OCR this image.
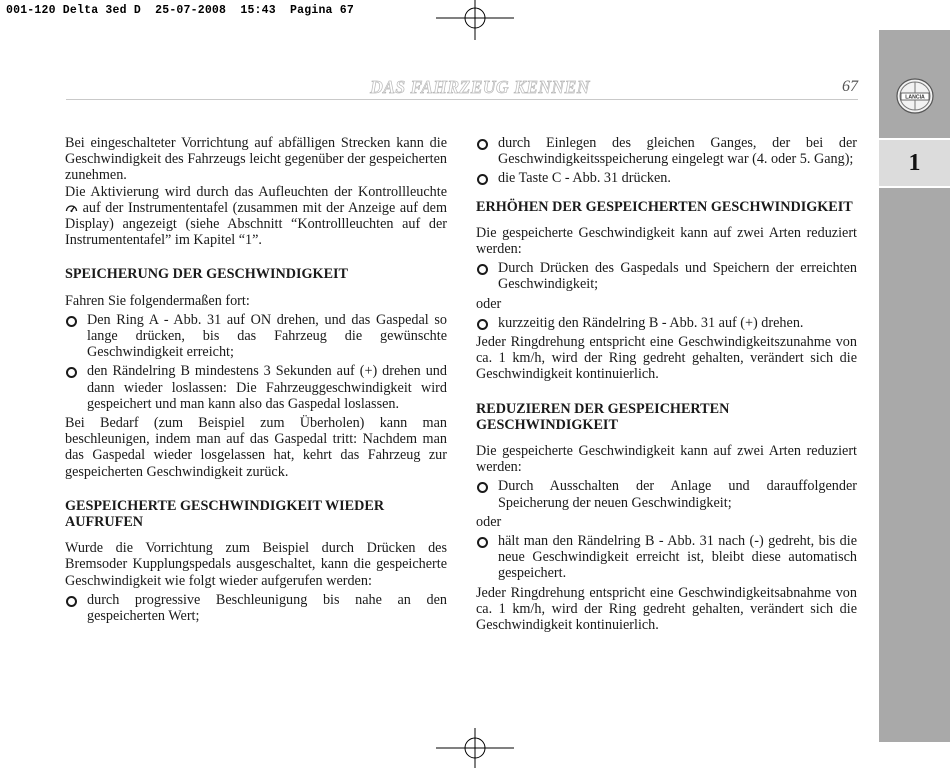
001-120 Delta 3ed D  25-07-2008  15:43  Pagina 67
LANCIA
1
DAS FAHRZEUG KENNEN	67

Bei eingeschalteter Vorrichtung auf abfälligen Strecken kann die Geschwindigkeit des Fahrzeugs leicht gegenüber der gespeicherten zunehmen.

Die Aktivierung wird durch das Aufleuchten der Kontrollleuchte  auf der Instrumententafel (zusammen mit der Anzeige auf dem Display) angezeigt (siehe Abschnitt “Kontrollleuchten auf der Instrumententafel” im Kapitel “1”.

SPEICHERUNG DER GESCHWINDIGKEIT

Fahren Sie folgendermaßen fort:

Den Ring A - Abb. 31 auf ON drehen, und das Gaspedal so lange drücken, bis das Fahrzeug die gewünschte Geschwindigkeit erreicht;
den Rändelring B mindestens 3 Sekunden auf (+) drehen und dann wieder loslassen: Die Fahrzeuggeschwindigkeit wird gespeichert und man kann also das Gaspedal loslassen.

Bei Bedarf (zum Beispiel zum Überholen) kann man beschleunigen, indem man auf das Gaspedal tritt: Nachdem man das Gaspedal wieder losgelassen hat, kehrt das Fahrzeug zur gespeicherten Geschwindigkeit zurück.

GESPEICHERTE GESCHWINDIGKEIT WIEDER AUFRUFEN

Wurde die Vorrichtung zum Beispiel durch Drücken des Bremsoder Kupplungspedals ausgeschaltet, kann die gespeicherte Geschwindigkeit wie folgt wieder aufgerufen werden:

durch progressive Beschleunigung bis nahe an den gespeicherten Wert;
durch Einlegen des gleichen Ganges, der bei der Geschwindigkeitsspeicherung eingelegt war (4. oder 5. Gang);
die Taste C - Abb. 31 drücken.
ERHÖHEN DER GESPEICHERTEN GESCHWINDIGKEIT

Die gespeicherte Geschwindigkeit kann auf zwei Arten reduziert werden:

Durch Drücken des Gaspedals und Speichern der erreichten Geschwindigkeit;

oder

kurzzeitig den Rändelring B - Abb. 31 auf (+) drehen.

Jeder Ringdrehung entspricht eine Geschwindigkeitszunahme von ca. 1 km/h, wird der Ring gedreht gehalten, verändert sich die Geschwindigkeit kontinuierlich.

REDUZIEREN DER GESPEICHERTEN GESCHWINDIGKEIT

Die gespeicherte Geschwindigkeit kann auf zwei Arten reduziert werden:

Durch Ausschalten der Anlage und darauffolgender Speicherung der neuen Geschwindigkeit;

oder

hält man den Rändelring B - Abb. 31 nach (-) gedreht, bis die neue Geschwindigkeit erreicht ist, bleibt diese automatisch gespeichert.

Jeder Ringdrehung entspricht eine Geschwindigkeitsabnahme von ca. 1 km/h, wird der Ring gedreht gehalten, verändert sich die Geschwindigkeit kontinuierlich.
